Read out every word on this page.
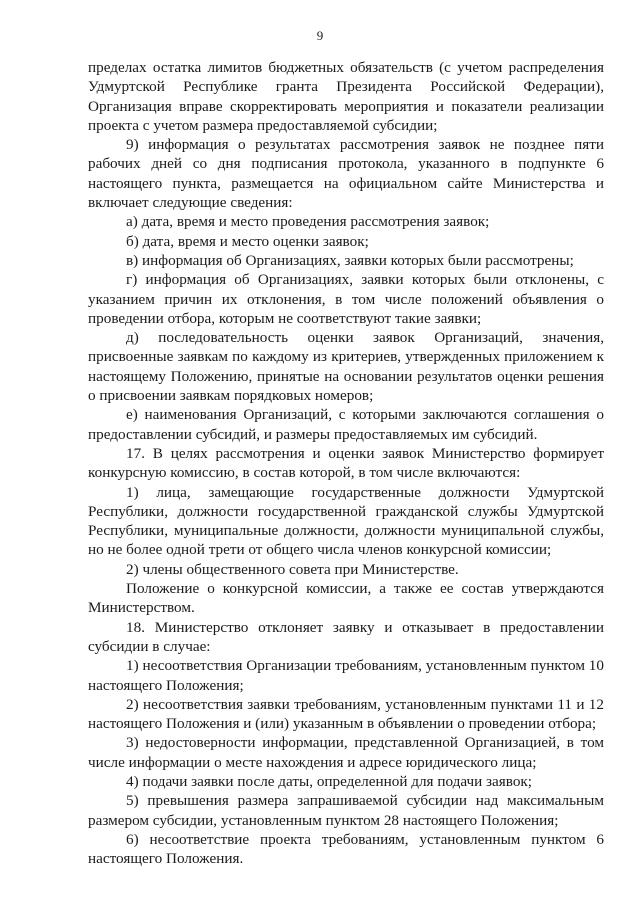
9

пределах остатка лимитов бюджетных обязательств (с учетом распределения Удмуртской Республике гранта Президента Российской Федерации), Организация вправе скорректировать мероприятия и показатели реализации проекта с учетом размера предоставляемой субсидии;

9) информация о результатах рассмотрения заявок не позднее пяти рабочих дней со дня подписания протокола, указанного в подпункте 6 настоящего пункта, размещается на официальном сайте Министерства и включает следующие сведения:

а) дата, время и место проведения рассмотрения заявок;

б) дата, время и место оценки заявок;

в) информация об Организациях, заявки которых были рассмотрены;

г) информация об Организациях, заявки которых были отклонены, с указанием причин их отклонения, в том числе положений объявления о проведении отбора, которым не соответствуют такие заявки;

д) последовательность оценки заявок Организаций, значения, присвоенные заявкам по каждому из критериев, утвержденных приложением к настоящему Положению, принятые на основании результатов оценки решения о присвоении заявкам порядковых номеров;

е) наименования Организаций, с которыми заключаются соглашения о предоставлении субсидий, и размеры предоставляемых им субсидий.

17. В целях рассмотрения и оценки заявок Министерство формирует конкурсную комиссию, в состав которой, в том числе включаются:

1) лица, замещающие государственные должности Удмуртской Республики, должности государственной гражданской службы Удмуртской Республики, муниципальные должности, должности муниципальной службы, но не более одной трети от общего числа членов конкурсной комиссии;

2) члены общественного совета при Министерстве.

Положение о конкурсной комиссии, а также ее состав утверждаются Министерством.

18. Министерство отклоняет заявку и отказывает в предоставлении субсидии в случае:

1) несоответствия Организации требованиям, установленным пунктом 10 настоящего Положения;

2) несоответствия заявки требованиям, установленным пунктами 11 и 12 настоящего Положения и (или) указанным в объявлении о проведении отбора;

3) недостоверности информации, представленной Организацией, в том числе информации о месте нахождения и адресе юридического лица;

4) подачи заявки после даты, определенной для подачи заявок;

5) превышения размера запрашиваемой субсидии над максимальным размером субсидии, установленным пунктом 28 настоящего Положения;

6) несоответствие проекта требованиям, установленным пунктом 6 настоящего Положения.
